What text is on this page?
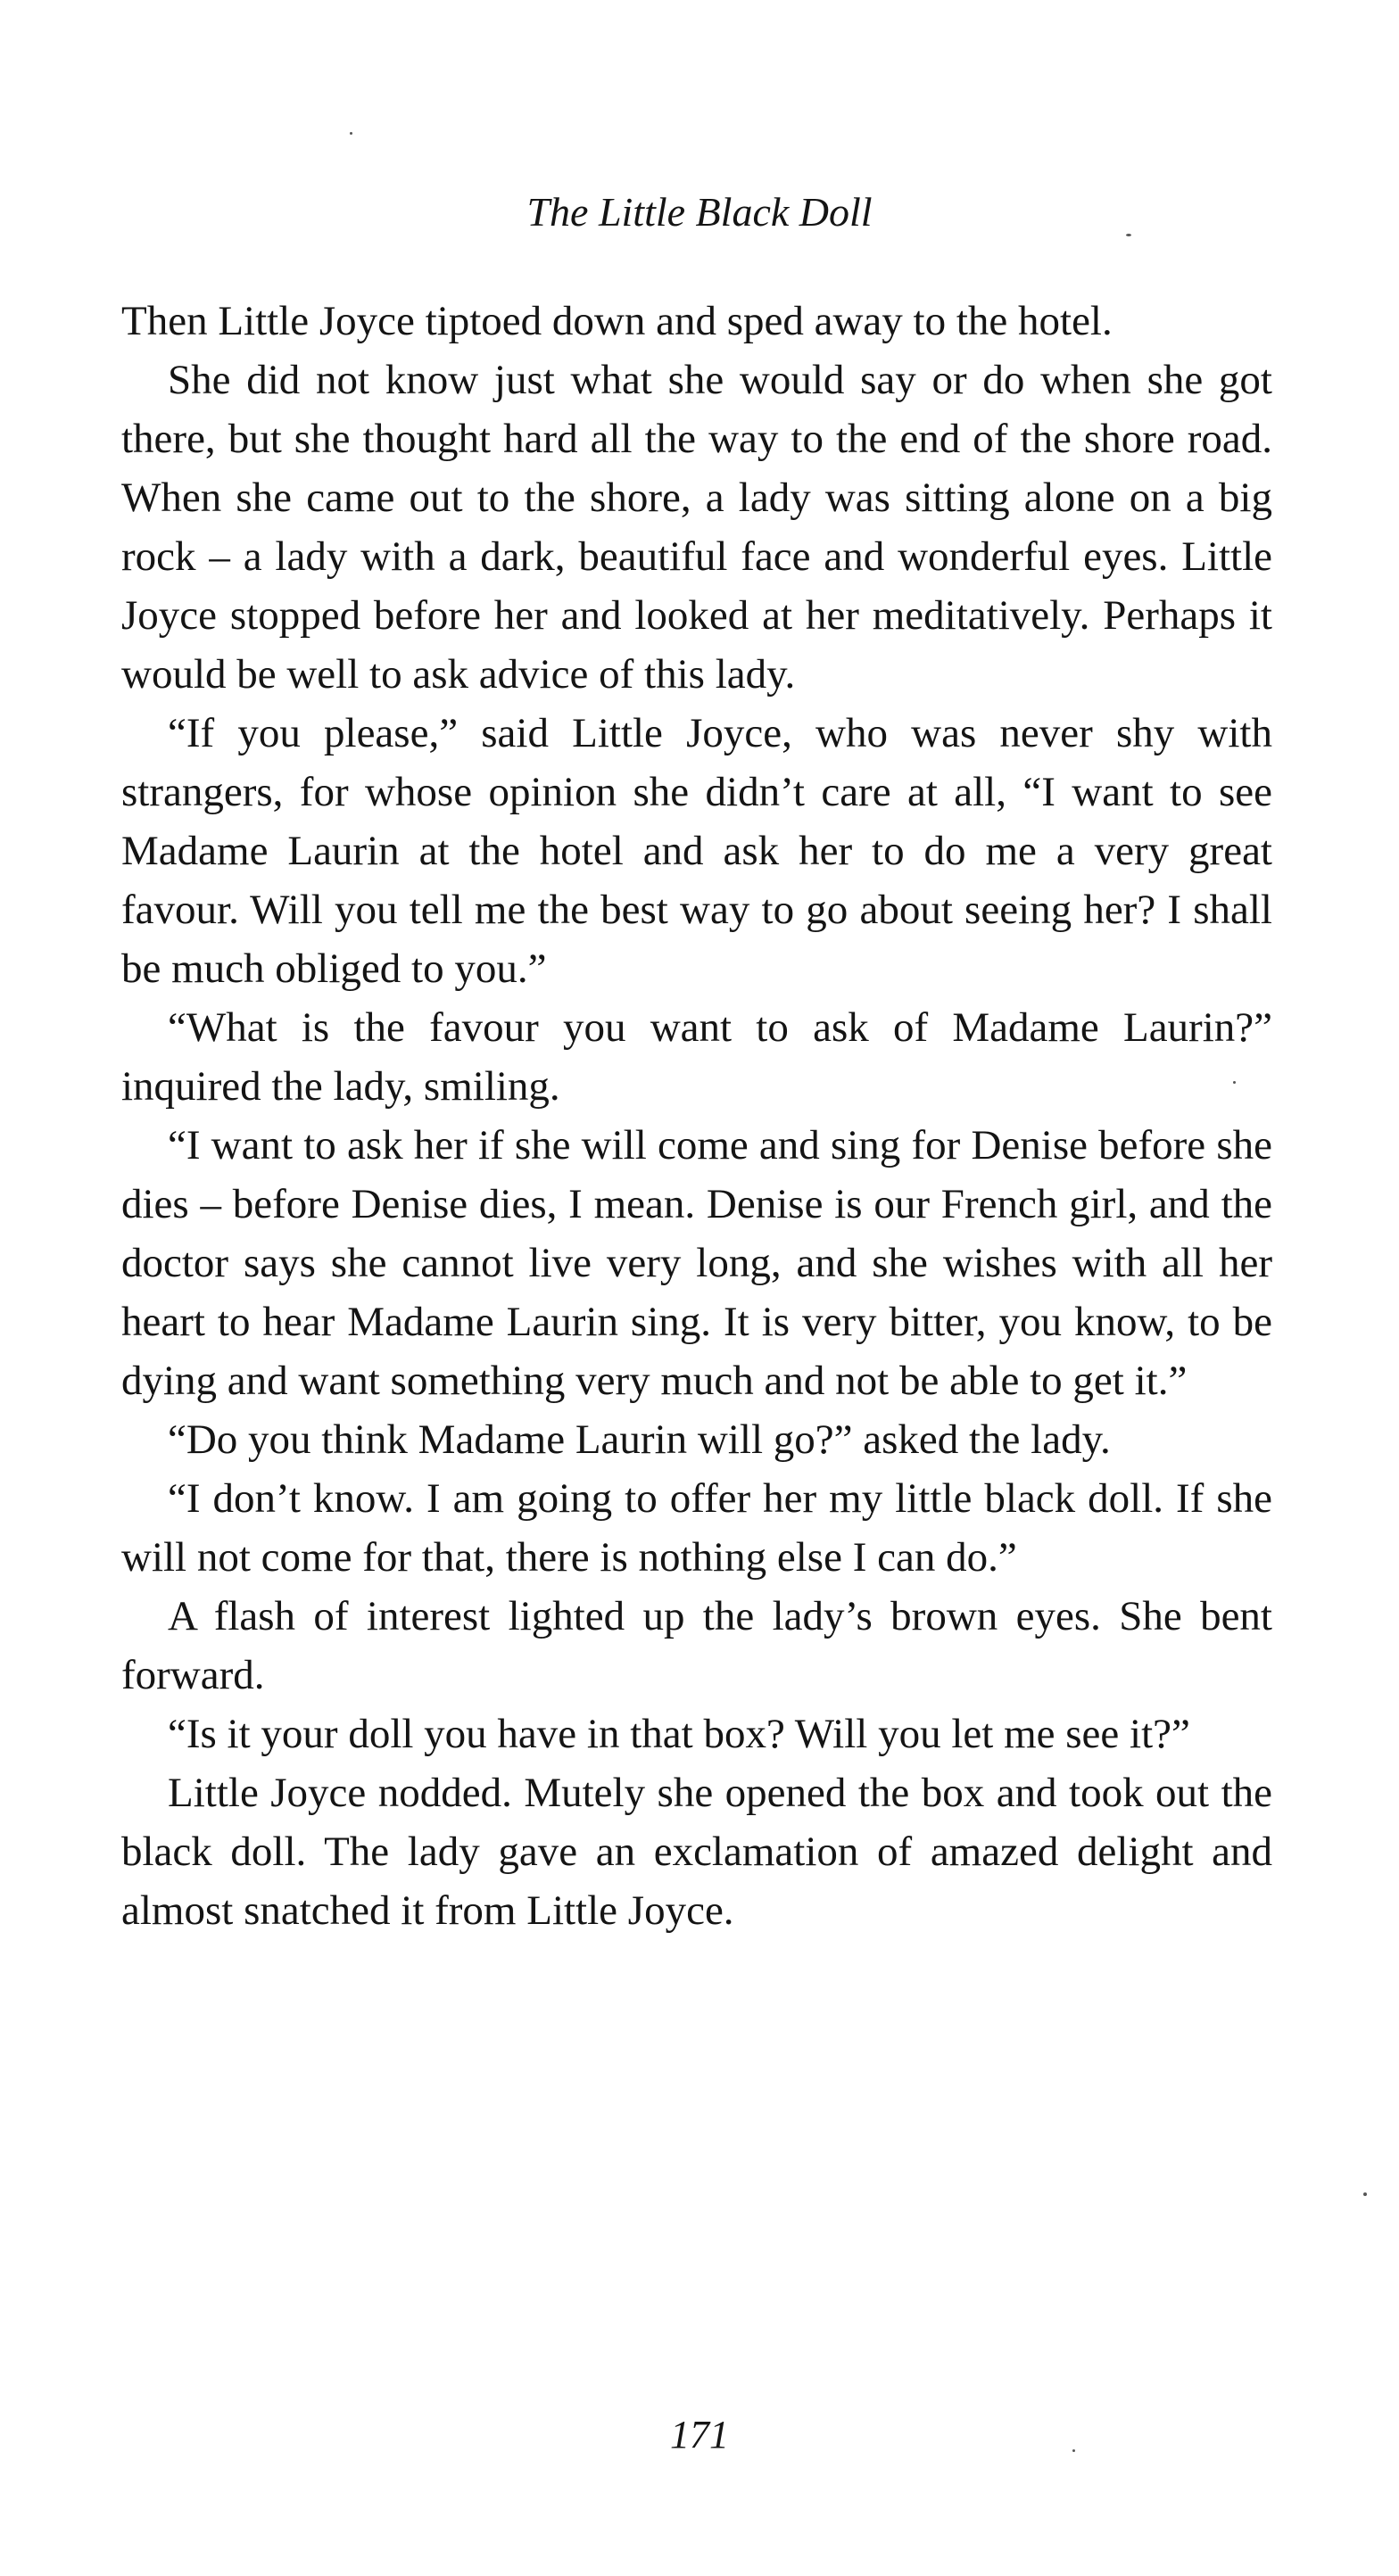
The Little Black Doll

Then Little Joyce tiptoed down and sped away to the hotel.

She did not know just what she would say or do when she got there, but she thought hard all the way to the end of the shore road. When she came out to the shore, a lady was sitting alone on a big rock – a lady with a dark, beautiful face and wonderful eyes. Little Joyce stopped before her and looked at her meditatively. Perhaps it would be well to ask advice of this lady.

“If you please,” said Little Joyce, who was never shy with strangers, for whose opinion she didn’t care at all, “I want to see Madame Laurin at the hotel and ask her to do me a very great favour. Will you tell me the best way to go about seeing her? I shall be much obliged to you.”

“What is the favour you want to ask of Madame Laurin?” inquired the lady, smiling.

“I want to ask her if she will come and sing for Denise before she dies – before Denise dies, I mean. Denise is our French girl, and the doctor says she cannot live very long, and she wishes with all her heart to hear Madame Laurin sing. It is very bitter, you know, to be dying and want something very much and not be able to get it.”

“Do you think Madame Laurin will go?” asked the lady.

“I don’t know. I am going to offer her my little black doll. If she will not come for that, there is nothing else I can do.”

A flash of interest lighted up the lady’s brown eyes. She bent forward.

“Is it your doll you have in that box? Will you let me see it?”

Little Joyce nodded. Mutely she opened the box and took out the black doll. The lady gave an exclamation of amazed delight and almost snatched it from Little Joyce.

171
